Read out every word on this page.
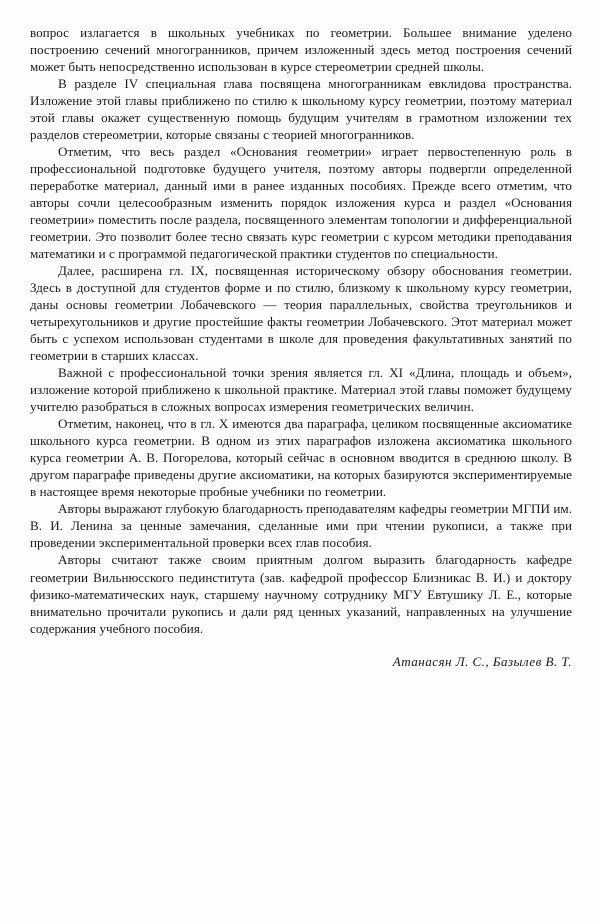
вопрос излагается в школьных учебниках по геометрии. Большее внимание уделено построению сечений многогранников, причем изложенный здесь метод построения сечений может быть непосредственно использован в курсе стереометрии средней школы.

В разделе IV специальная глава посвящена многогранникам евклидова пространства. Изложение этой главы приближено по стилю к школьному курсу геометрии, поэтому материал этой главы окажет существенную помощь будущим учителям в грамотном изложении тех разделов стереометрии, которые связаны с теорией многогранников.

Отметим, что весь раздел «Основания геометрии» играет первостепенную роль в профессиональной подготовке будущего учителя, поэтому авторы подвергли определенной переработке материал, данный ими в ранее изданных пособиях. Прежде всего отметим, что авторы сочли целесообразным изменить порядок изложения курса и раздел «Основания геометрии» поместить после раздела, посвященного элементам топологии и дифференциальной геометрии. Это позволит более тесно связать курс геометрии с курсом методики преподавания математики и с программой педагогической практики студентов по специальности.

Далее, расширена гл. IX, посвященная историческому обзору обоснования геометрии. Здесь в доступной для студентов форме и по стилю, близкому к школьному курсу геометрии, даны основы геометрии Лобачевского — теория параллельных, свойства треугольников и четырехугольников и другие простейшие факты геометрии Лобачевского. Этот материал может быть с успехом использован студентами в школе для проведения факультативных занятий по геометрии в старших классах.

Важной с профессиональной точки зрения является гл. XI «Длина, площадь и объем», изложение которой приближено к школьной практике. Материал этой главы поможет будущему учителю разобраться в сложных вопросах измерения геометрических величин.

Отметим, наконец, что в гл. X имеются два параграфа, целиком посвященные аксиоматике школьного курса геометрии. В одном из этих параграфов изложена аксиоматика школьного курса геометрии А. В. Погорелова, который сейчас в основном вводится в среднюю школу. В другом параграфе приведены другие аксиоматики, на которых базируются экспериментируемые в настоящее время некоторые пробные учебники по геометрии.

Авторы выражают глубокую благодарность преподавателям кафедры геометрии МГПИ им. В. И. Ленина за ценные замечания, сделанные ими при чтении рукописи, а также при проведении экспериментальной проверки всех глав пособия.

Авторы считают также своим приятным долгом выразить благодарность кафедре геометрии Вильнюсского пединститута (зав. кафедрой профессор Близникас В. И.) и доктору физико-математических наук, старшему научному сотруднику МГУ Евтушику Л. Е., которые внимательно прочитали рукопись и дали ряд ценных указаний, направленных на улучшение содержания учебного пособия.

Атанасян Л. С., Базылев В. Т.
